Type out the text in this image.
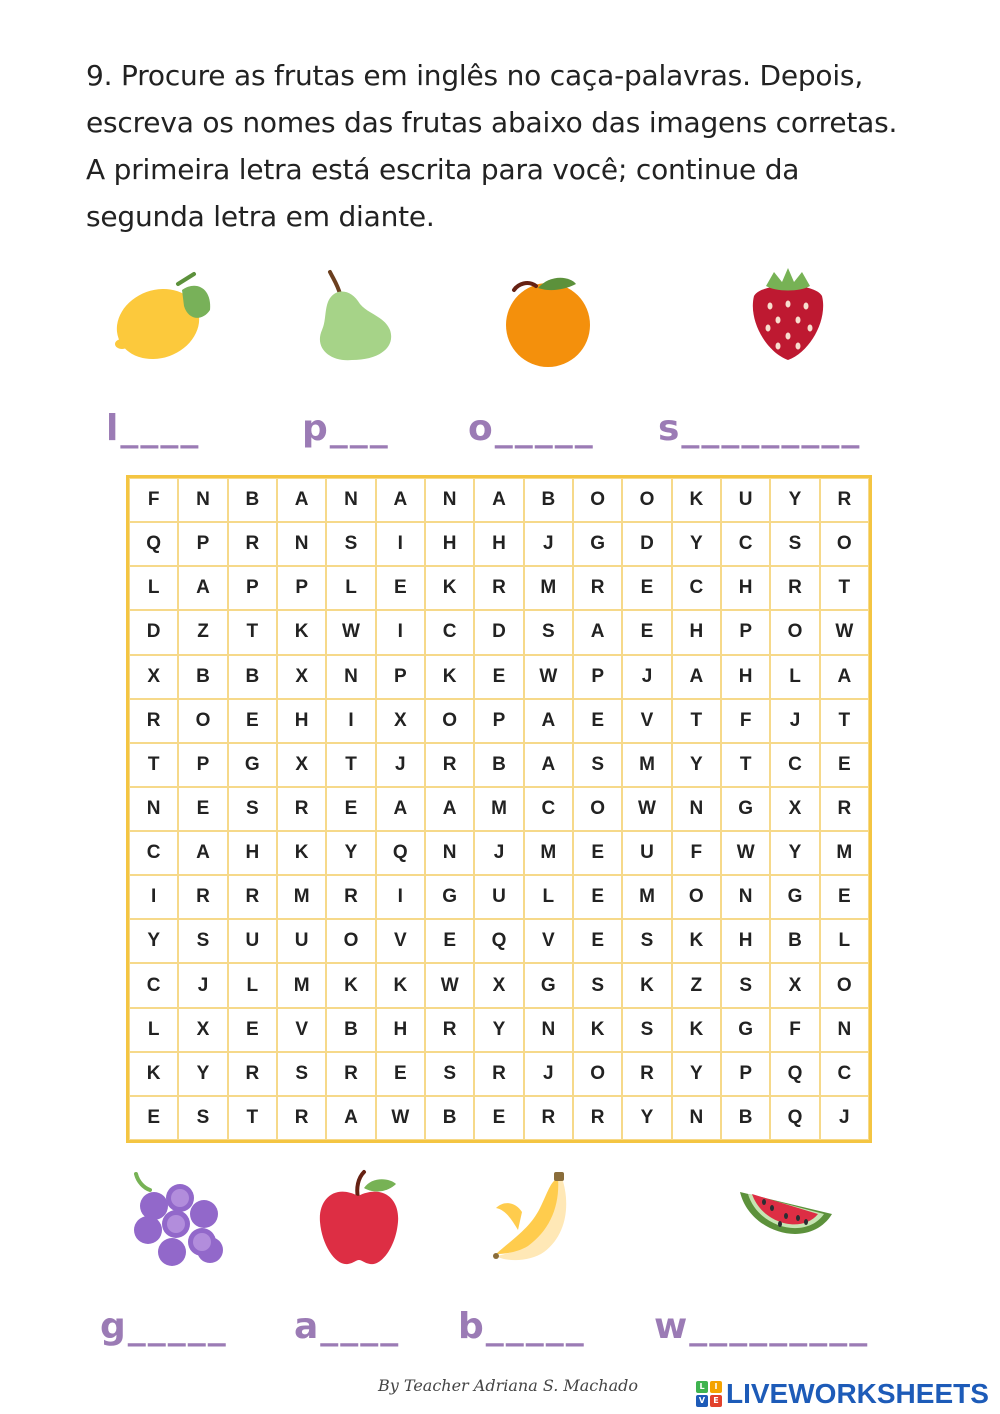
9. Procure as frutas em inglês no caça-palavras. Depois,
escreva os nomes das frutas abaixo das imagens corretas.
A primeira letra está escrita para você; continue da
segunda letra em diante.
l____	p___ o_____ s_________
F	N	B	A	N	A	N	A	B	O	O	K	U	Y	R
Q	P	R	N	S	I	H	H	J	G	D	Y	C	S	O
L	A	P	P	L	E	K	R	M	R	E	C	H	R	T
D	Z	T	K	W	I	C	D	S	A	E	H	P	O	W
X	B	B	X	N	P	K	E	W	P	J	A	H	L	A
R	O	E	H	I	X	O	P	A	E	V	T	F	J	T
T	P	G	X	T	J	R	B	A	S	M	Y	T	C	E
N	E	S	R	E	A	A	M	C	O	W	N	G	X	R
C	A	H	K	Y	Q	N	J	M	E	U	F	W	Y	M
I	R	R	M	R	I	G	U	L	E	M	O	N	G	E
Y	S	U	U	O	V	E	Q	V	E	S	K	H	B	L
C	J	L	M	K	K	W	X	G	S	K	Z	S	X	O
L	X	E	V	B	H	R	Y	N	K	S	K	G	F	N
K	Y	R	S	R	E	S	R	J	O	R	Y	P	Q	C
E	S	T	R	A	W	B	E	R	R	Y	N	B	Q	J
g_____ a____ b_____ w_________
By Teacher Adriana S. Machado	L	I
V	E LIVEWORKSHEETS
